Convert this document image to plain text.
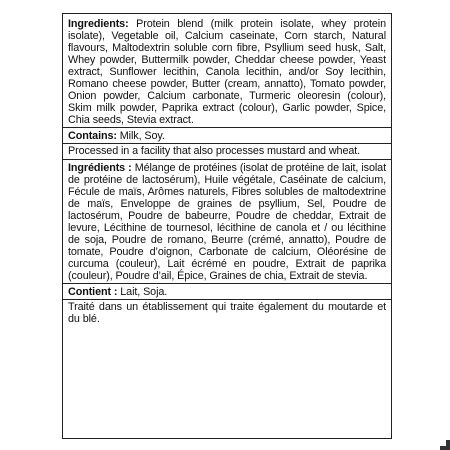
Ingredients: Protein blend (milk protein isolate, whey protein isolate), Vegetable oil, Calcium caseinate, Corn starch, Natural flavours, Maltodextrin soluble corn fibre, Psyllium seed husk, Salt, Whey powder, Buttermilk powder, Cheddar cheese powder, Yeast extract, Sunflower lecithin, Canola lecithin, and/or Soy lecithin, Romano cheese powder, Butter (cream, annatto), Tomato powder, Onion powder, Calcium carbonate, Turmeric oleoresin (colour), Skim milk powder, Paprika extract (colour), Garlic powder, Spice, Chia seeds, Stevia extract.

Contains: Milk, Soy.

Processed in a facility that also processes mustard and wheat.

Ingrédients : Mélange de protéines (isolat de protéine de lait, isolat de protéine de lactosérum), Huile végétale, Caséinate de calcium, Fécule de maïs, Arômes naturels, Fibres solubles de maltodextrine de maïs, Enveloppe de graines de psyllium, Sel, Poudre de lactosérum, Poudre de babeurre, Poudre de cheddar, Extrait de levure, Lécithine de tournesol, lécithine de canola et / ou lécithine de soja, Poudre de romano, Beurre (crémé, annatto), Poudre de tomate, Poudre d’oignon, Carbonate de calcium, Oléorésine de curcuma (couleur), Lait écrémé en poudre, Extrait de paprika (couleur), Poudre d’ail, Épice, Graines de chia, Extrait de stevia.

Contient : Lait, Soja.

Traité dans un établissement qui traite également du moutarde et du blé.
